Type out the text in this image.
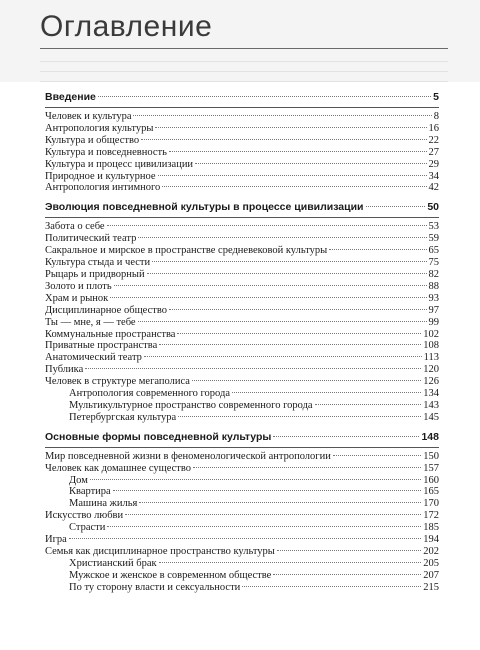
Оглавление
Введение	5
Человек и культура	8
Антропология культуры	16
Культура и общество	22
Культура и повседневность	27
Культура и процесс цивилизации	29
Природное и культурное	34
Антропология интимного	42
Эволюция повседневной культуры в процессе цивилизации	50
Забота о себе	53
Политический театр	59
Сакральное и мирское в пространстве средневековой культуры	65
Культура стыда и чести	75
Рыцарь и придворный	82
Золото и плоть	88
Храм и рынок	93
Дисциплинарное общество	97
Ты — мне, я — тебе	99
Коммунальные пространства	102
Приватные пространства	108
Анатомический театр	113
Публика	120
Человек в структуре мегаполиса	126
Антропология современного города	134
Мультикультурное пространство современного города	143
Петербургская культура	145
Основные формы повседневной культуры	148
Мир повседневной жизни в феноменологической антропологии	150
Человек как домашнее существо	157
Дом	160
Квартира	165
Машина жилья	170
Искусство любви	172
Страсти	185
Игра	194
Семья как дисциплинарное пространство культуры	202
Христианский брак	205
Мужское и женское в современном обществе	207
По ту сторону власти и сексуальности	215
